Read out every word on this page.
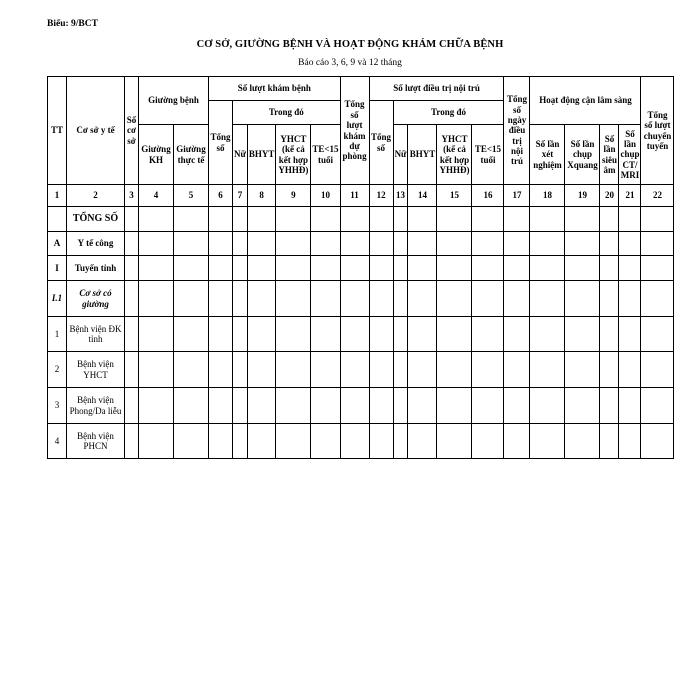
Biểu: 9/BCT
CƠ SỞ, GIƯỜNG BỆNH VÀ HOẠT ĐỘNG KHÁM CHỮA BỆNH
Báo cáo 3, 6, 9 và 12 tháng
TT	Cơ sở y tế	Số cơ sở	Giường bệnh		Số lượt khám bệnh					Tổng số lượt khám dự phòng	Số lượt điều trị nội trú					Tổng số ngày điều trị nội trú	Hoạt động cận lâm sàng				Tổng số lượt chuyển tuyến
					Tổng số	Trong đó					Tổng số	Trong đó									
			Giường KH	Giường thực tế		Nữ	BHYT	YHCT (kể cả kết hợp YHHĐ)	TE<15 tuổi			Nữ	BHYT	YHCT (kể cả kết hợp YHHĐ)	TE<15 tuổi		Số lần xét nghiệm	Số lần chụp Xquang	Số lần siêu âm	Số lần chụp CT/ MRI	

1	2	3	4	5	6	7	8	9	10	11	12	13	14	15	16	17	18	19	20	21	22
	TỔNG SỐ																				
A	Y tế công																				
I	Tuyến tỉnh																				
I.1	Cơ sở có giường																				
1	Bệnh viện ĐK tỉnh																				
2	Bệnh viện YHCT																				
3	Bệnh viện Phong/Da liễu																				
4	Bệnh viện PHCN																				
